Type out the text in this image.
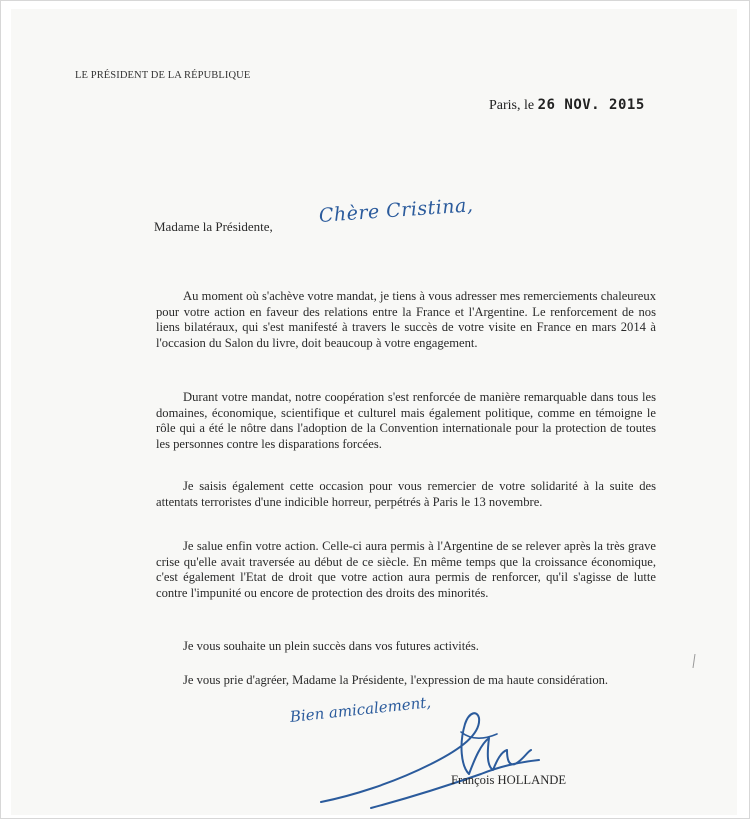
LE PRÉSIDENT DE LA RÉPUBLIQUE
Paris, le 26 NOV. 2015
Madame la Présidente, Chère Cristina,

Au moment où s'achève votre mandat, je tiens à vous adresser mes remerciements chaleureux pour votre action en faveur des relations entre la France et l'Argentine. Le renforcement de nos liens bilatéraux, qui s'est manifesté à travers le succès de votre visite en France en mars 2014 à l'occasion du Salon du livre, doit beaucoup à votre engagement.

Durant votre mandat, notre coopération s'est renforcée de manière remarquable dans tous les domaines, économique, scientifique et culturel mais également politique, comme en témoigne le rôle qui a été le nôtre dans l'adoption de la Convention internationale pour la protection de toutes les personnes contre les disparations forcées.

Je saisis également cette occasion pour vous remercier de votre solidarité à la suite des attentats terroristes d'une indicible horreur, perpétrés à Paris le 13 novembre.

Je salue enfin votre action. Celle-ci aura permis à l'Argentine de se relever après la très grave crise qu'elle avait traversée au début de ce siècle. En même temps que la croissance économique, c'est également l'Etat de droit que votre action aura permis de renforcer, qu'il s'agisse de lutte contre l'impunité ou encore de protection des droits des minorités.

Je vous souhaite un plein succès dans vos futures activités.

Je vous prie d'agréer, Madame la Présidente, l'expression de ma haute considération.

Bien amicalement,
François HOLLANDE
